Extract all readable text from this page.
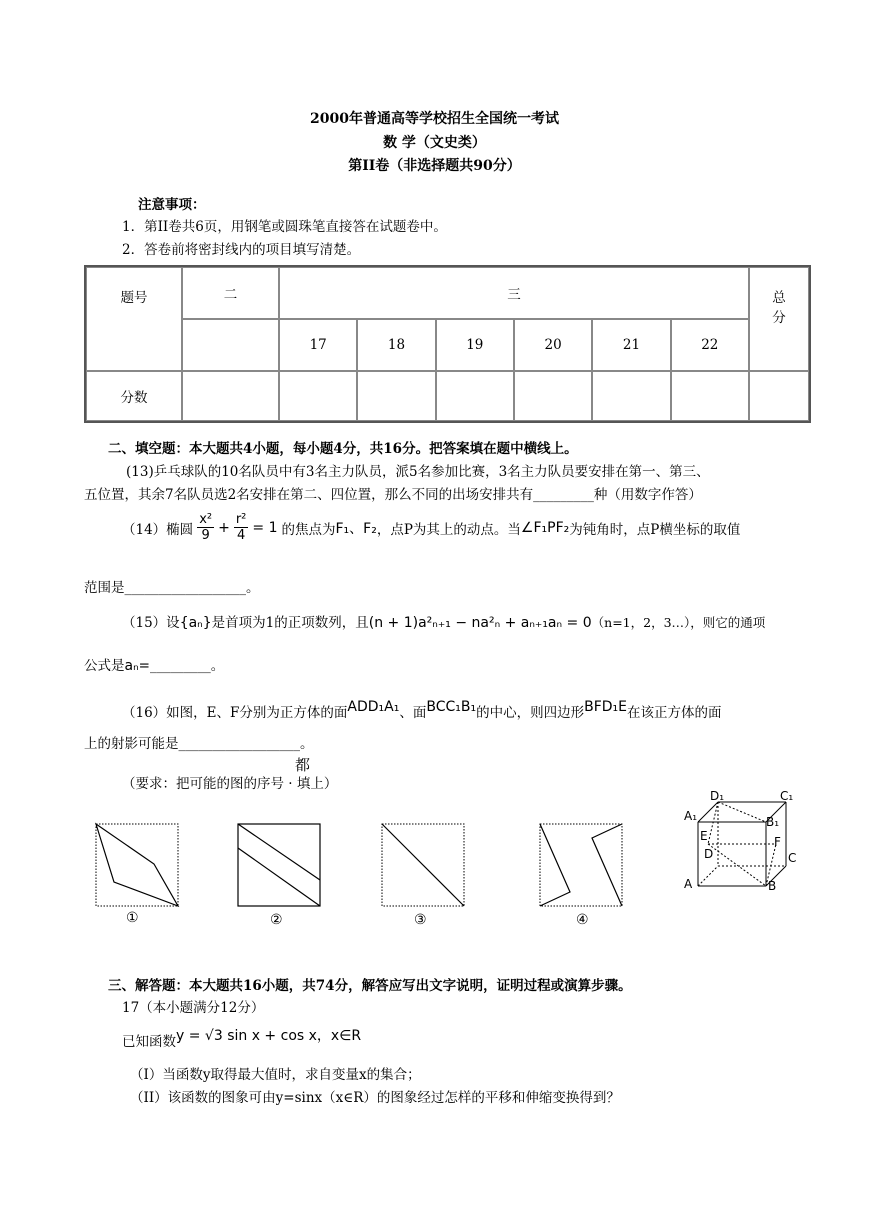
2000年普通高等学校招生全国统一考试
数 学（文史类）
第II卷（非选择题共90分）
注意事项：
1．第II卷共6页，用钢笔或圆珠笔直接答在试题卷中。
2．答卷前将密封线内的项目填写清楚。
题号	二	三						总
分
		17	18	19	20	21	22	
分数								
二、填空题：本大题共4小题，每小题4分，共16分。把答案填在题中横线上。
(13)乒乓球队的10名队员中有3名主力队员，派5名参加比赛，3名主力队员要安排在第一、第三、
五位置，其余7名队员选2名安排在第二、四位置，那么不同的出场安排共有_________种（用数字作答）
（14）椭圆 $\frac{\text{x²}}{9} + \frac{\text{r²}}{4} = 1$ 的焦点为 F₁、F₂ ，点P为其上的动点。当 ∠F₁PF₂ 为钝角时，点P横坐标的取值
范围是__________________。
（15）设{aₙ}是首项为1的正项数列，且(n + 1)a²ₙ₊₁ − na²ₙ + aₙ₊₁aₙ = 0（n=1，2，3…），则它的通项
公式是aₙ=_________。
（16）如图，E、F分别为正方体的面ADD₁A₁、面BCC₁B₁的中心，则四边形BFD₁E在该正方体的面
上的射影可能是__________________。
都
（要求：把可能的图的序号 · 填上）
①	②	③	④
D₁	C₁
A₁	B₁
E
D
F
C
A	B
三、解答题：本大题共16小题，共74分，解答应写出文字说明，证明过程或演算步骤。
17（本小题满分12分）
已知函数y = √3 sin x + cos x，x∈R
（I）当函数y取得最大值时，求自变量x的集合；
（II）该函数的图象可由y=sinx（x∈R）的图象经过怎样的平移和伸缩变换得到？
